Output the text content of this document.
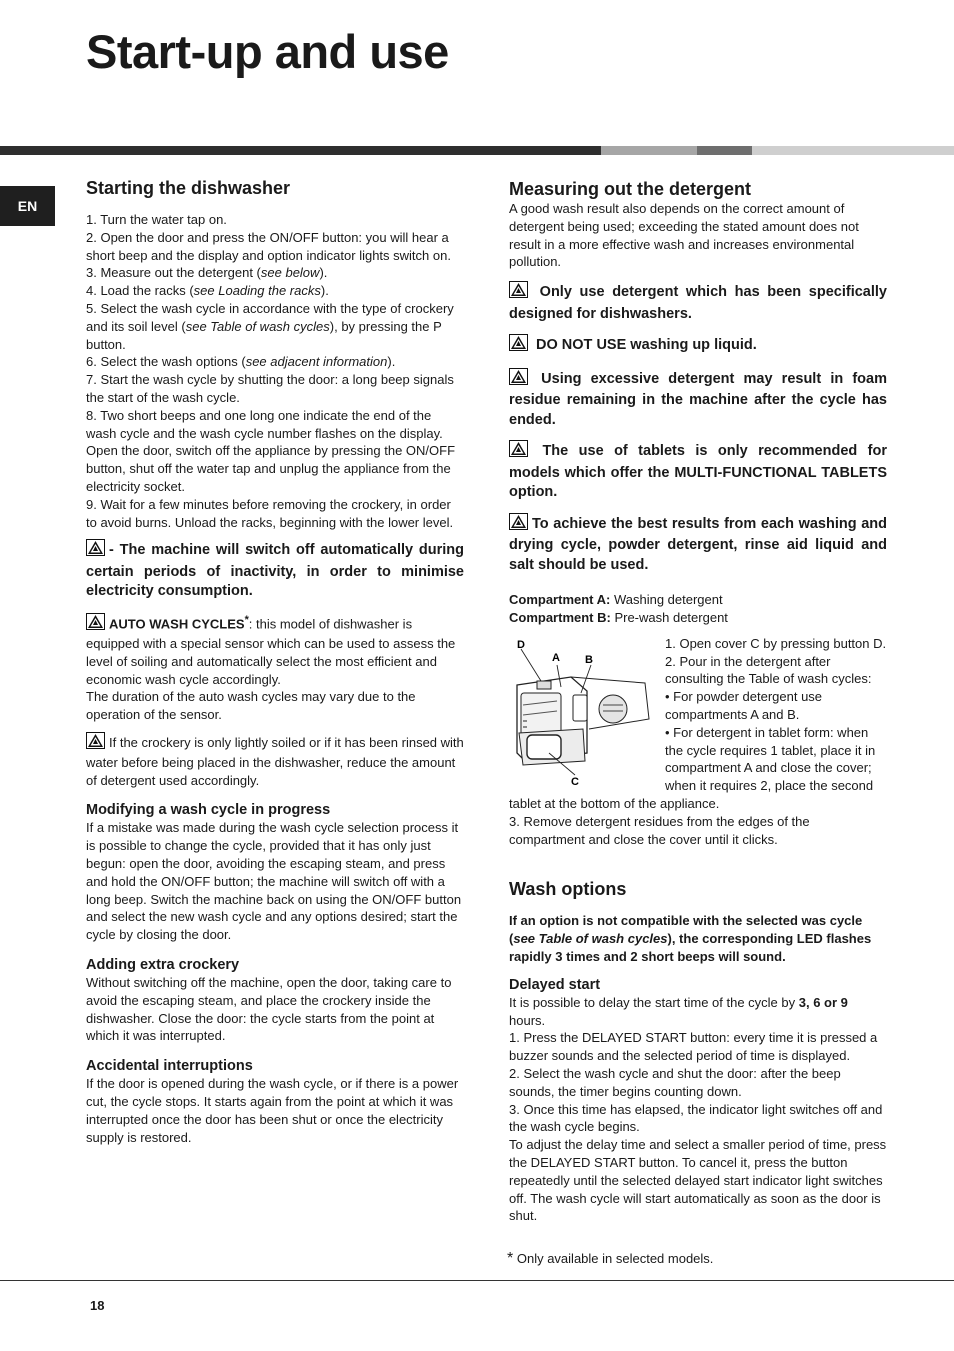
Start-up and use
EN

Starting the dishwasher

1. Turn the water tap on.

2. Open the door and press the ON/OFF button: you will hear a short beep and the display and option indicator lights switch on.

3. Measure out the detergent (see below).

4. Load the racks (see Loading the racks).

5. Select the wash cycle in accordance with the type of crockery and its soil level (see Table of wash cycles), by pressing the P button.

6. Select the wash options (see adjacent information).

7. Start the wash cycle by shutting the door: a long beep signals the start of the wash cycle.

8. Two short beeps and one long one indicate the end of the wash cycle and the wash cycle number flashes on the display. Open the door, switch off the appliance by pressing the ON/OFF button, shut off the water tap and unplug the appliance from the electricity socket.

9. Wait for a few minutes before removing the crockery, in order to avoid burns. Unload the racks, beginning with the lower level.

- The machine will switch off automatically during certain periods of inactivity, in order to minimise electricity consumption.

AUTO WASH CYCLES*: this model of dishwasher is equipped with a special sensor which can be used to assess the level of soiling and automatically select the most efficient and economic wash cycle accordingly.

The duration of the auto wash cycles may vary due to the operation of the sensor.

If the crockery is only lightly soiled or if it has been rinsed with water before being placed in the dishwasher, reduce the amount of detergent used accordingly.

Modifying a wash cycle in progress

If a mistake was made during the wash cycle selection process it is possible to change the cycle, provided that it has only just begun: open the door, avoiding the escaping steam, and press and hold the ON/OFF button; the machine will switch off with a long beep. Switch the machine back on using the ON/OFF button and select the new wash cycle and any options desired; start the cycle by closing the door.

Adding extra crockery

Without switching off the machine, open the door, taking care to avoid the escaping steam, and place the crockery inside the dishwasher. Close the door: the cycle starts from the point at which it was interrupted.

Accidental interruptions

If the door is opened during the wash cycle, or if there is a power cut, the cycle stops. It starts again from the point at which it was interrupted once the door has been shut or once the electricity supply is restored.

Measuring out the detergent

A good wash result also depends on the correct amount of detergent being used; exceeding the stated amount does not result in a more effective wash and increases environmental pollution.

Only use detergent which has been specifically designed for dishwashers.

DO NOT USE washing up liquid.

Using excessive detergent may result in foam residue remaining in the machine after the cycle has ended.

The use of tablets is only recommended for models which offer the MULTI-FUNCTIONAL TABLETS option.

To achieve the best results from each washing and drying cycle, powder detergent, rinse aid liquid and salt should be used.

Compartment A: Washing detergent

Compartment B: Pre-wash detergent

D
A B
C

1. Open cover C by pressing button D.

2. Pour in the detergent after consulting the Table of wash cycles:

• For powder detergent use compartments A and B.

• For detergent in tablet form: when the cycle requires 1 tablet, place it in compartment A and close the cover; when it requires 2, place the second tablet at the bottom of the appliance.

3. Remove detergent residues from the edges of the compartment and close the cover until it clicks.

Wash options

If an option is not compatible with the selected was cycle (see Table of wash cycles), the corresponding LED flashes rapidly 3 times and 2 short beeps will sound.

Delayed start

It is possible to delay the start time of the cycle by 3, 6 or 9 hours.

1. Press the DELAYED START button: every time it is pressed a buzzer sounds and the selected period of time is displayed.

2. Select the wash cycle and shut the door: after the beep sounds, the timer begins counting down.

3. Once this time has elapsed, the indicator light switches off and the wash cycle begins.

To adjust the delay time and select a smaller period of time, press the DELAYED START button. To cancel it, press the button repeatedly until the selected delayed start indicator light switches off. The wash cycle will start automatically as soon as the door is shut.

* Only available in selected models.
18
